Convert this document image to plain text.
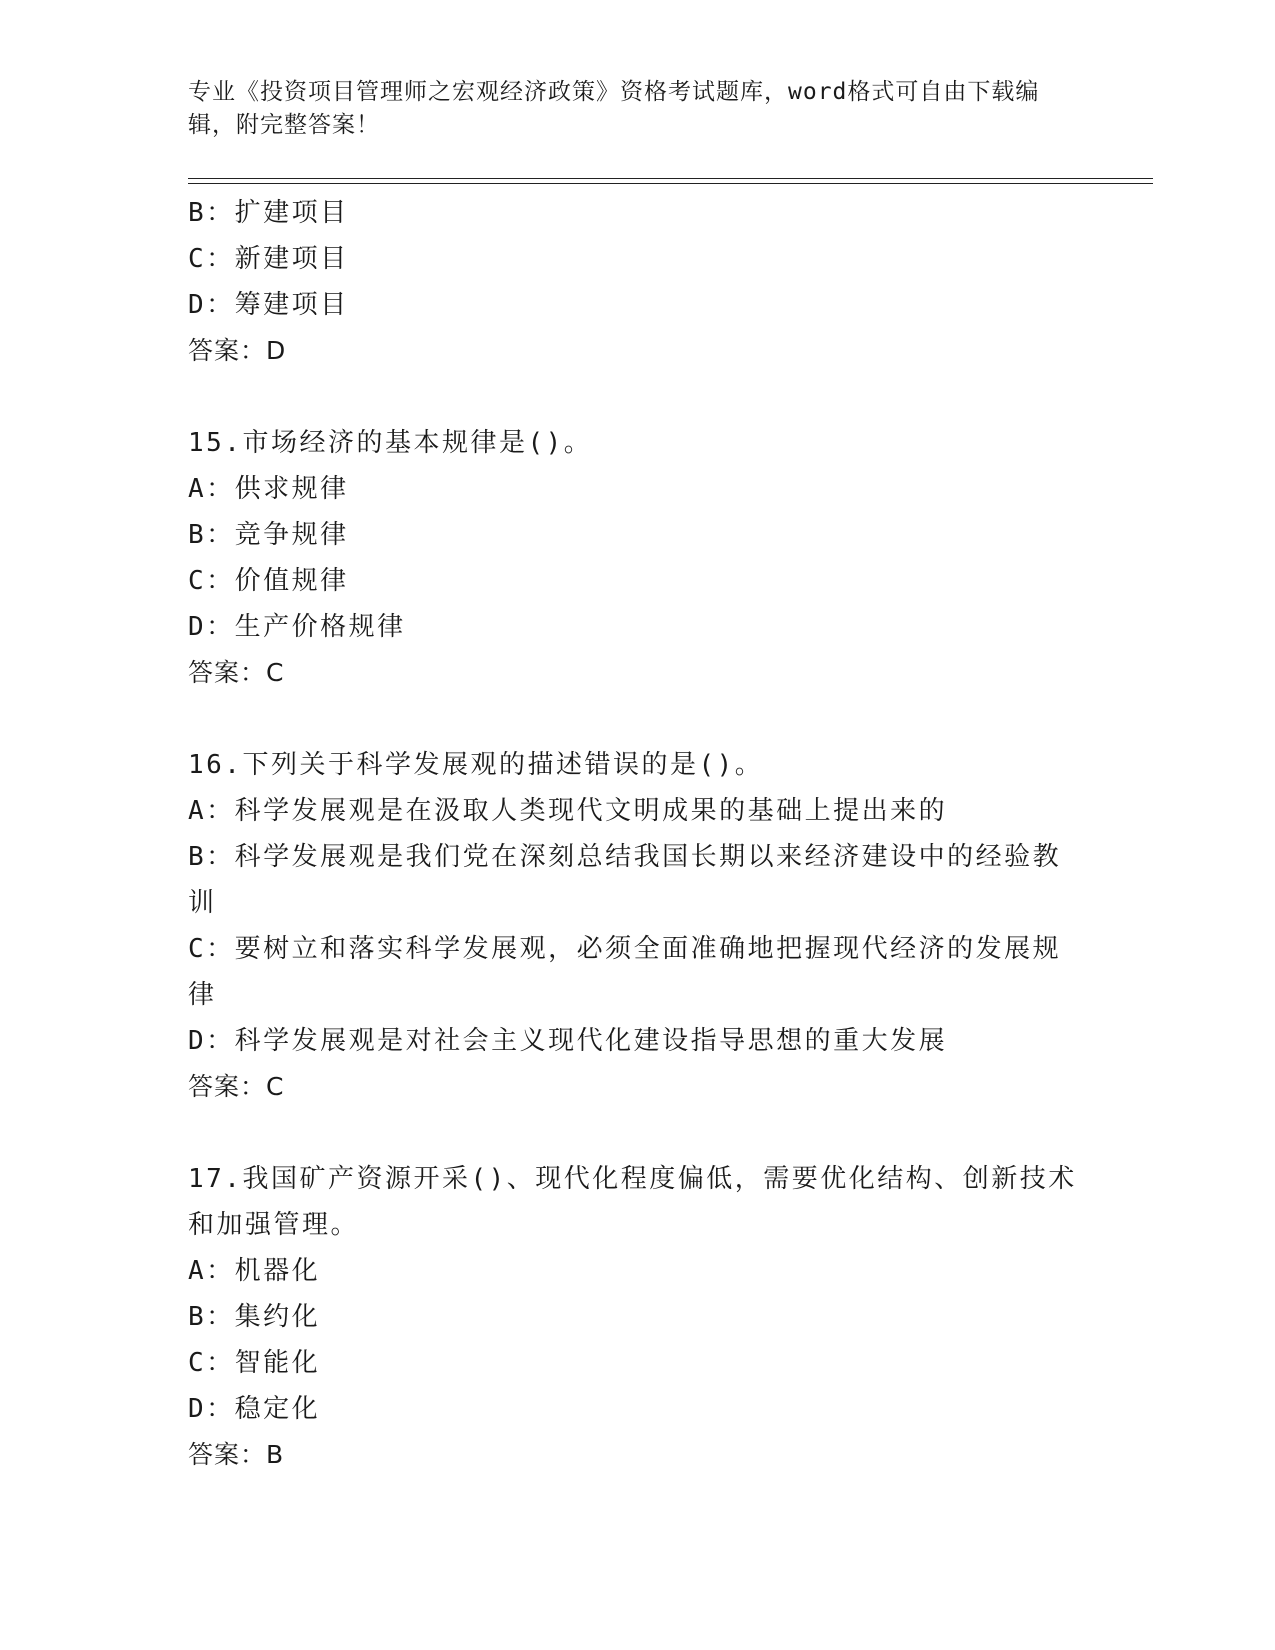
专业《投资项目管理师之宏观经济政策》资格考试题库，word格式可自由下载编辑，附完整答案！
B：扩建项目
C：新建项目
D：筹建项目
答案：D
15.市场经济的基本规律是()。
A：供求规律
B：竞争规律
C：价值规律
D：生产价格规律
答案：C
16.下列关于科学发展观的描述错误的是()。
A：科学发展观是在汲取人类现代文明成果的基础上提出来的
B：科学发展观是我们党在深刻总结我国长期以来经济建设中的经验教训
C：要树立和落实科学发展观，必须全面准确地把握现代经济的发展规律
D：科学发展观是对社会主义现代化建设指导思想的重大发展
答案：C
17.我国矿产资源开采()、现代化程度偏低，需要优化结构、创新技术和加强管理。
A：机器化
B：集约化
C：智能化
D：稳定化
答案：B
